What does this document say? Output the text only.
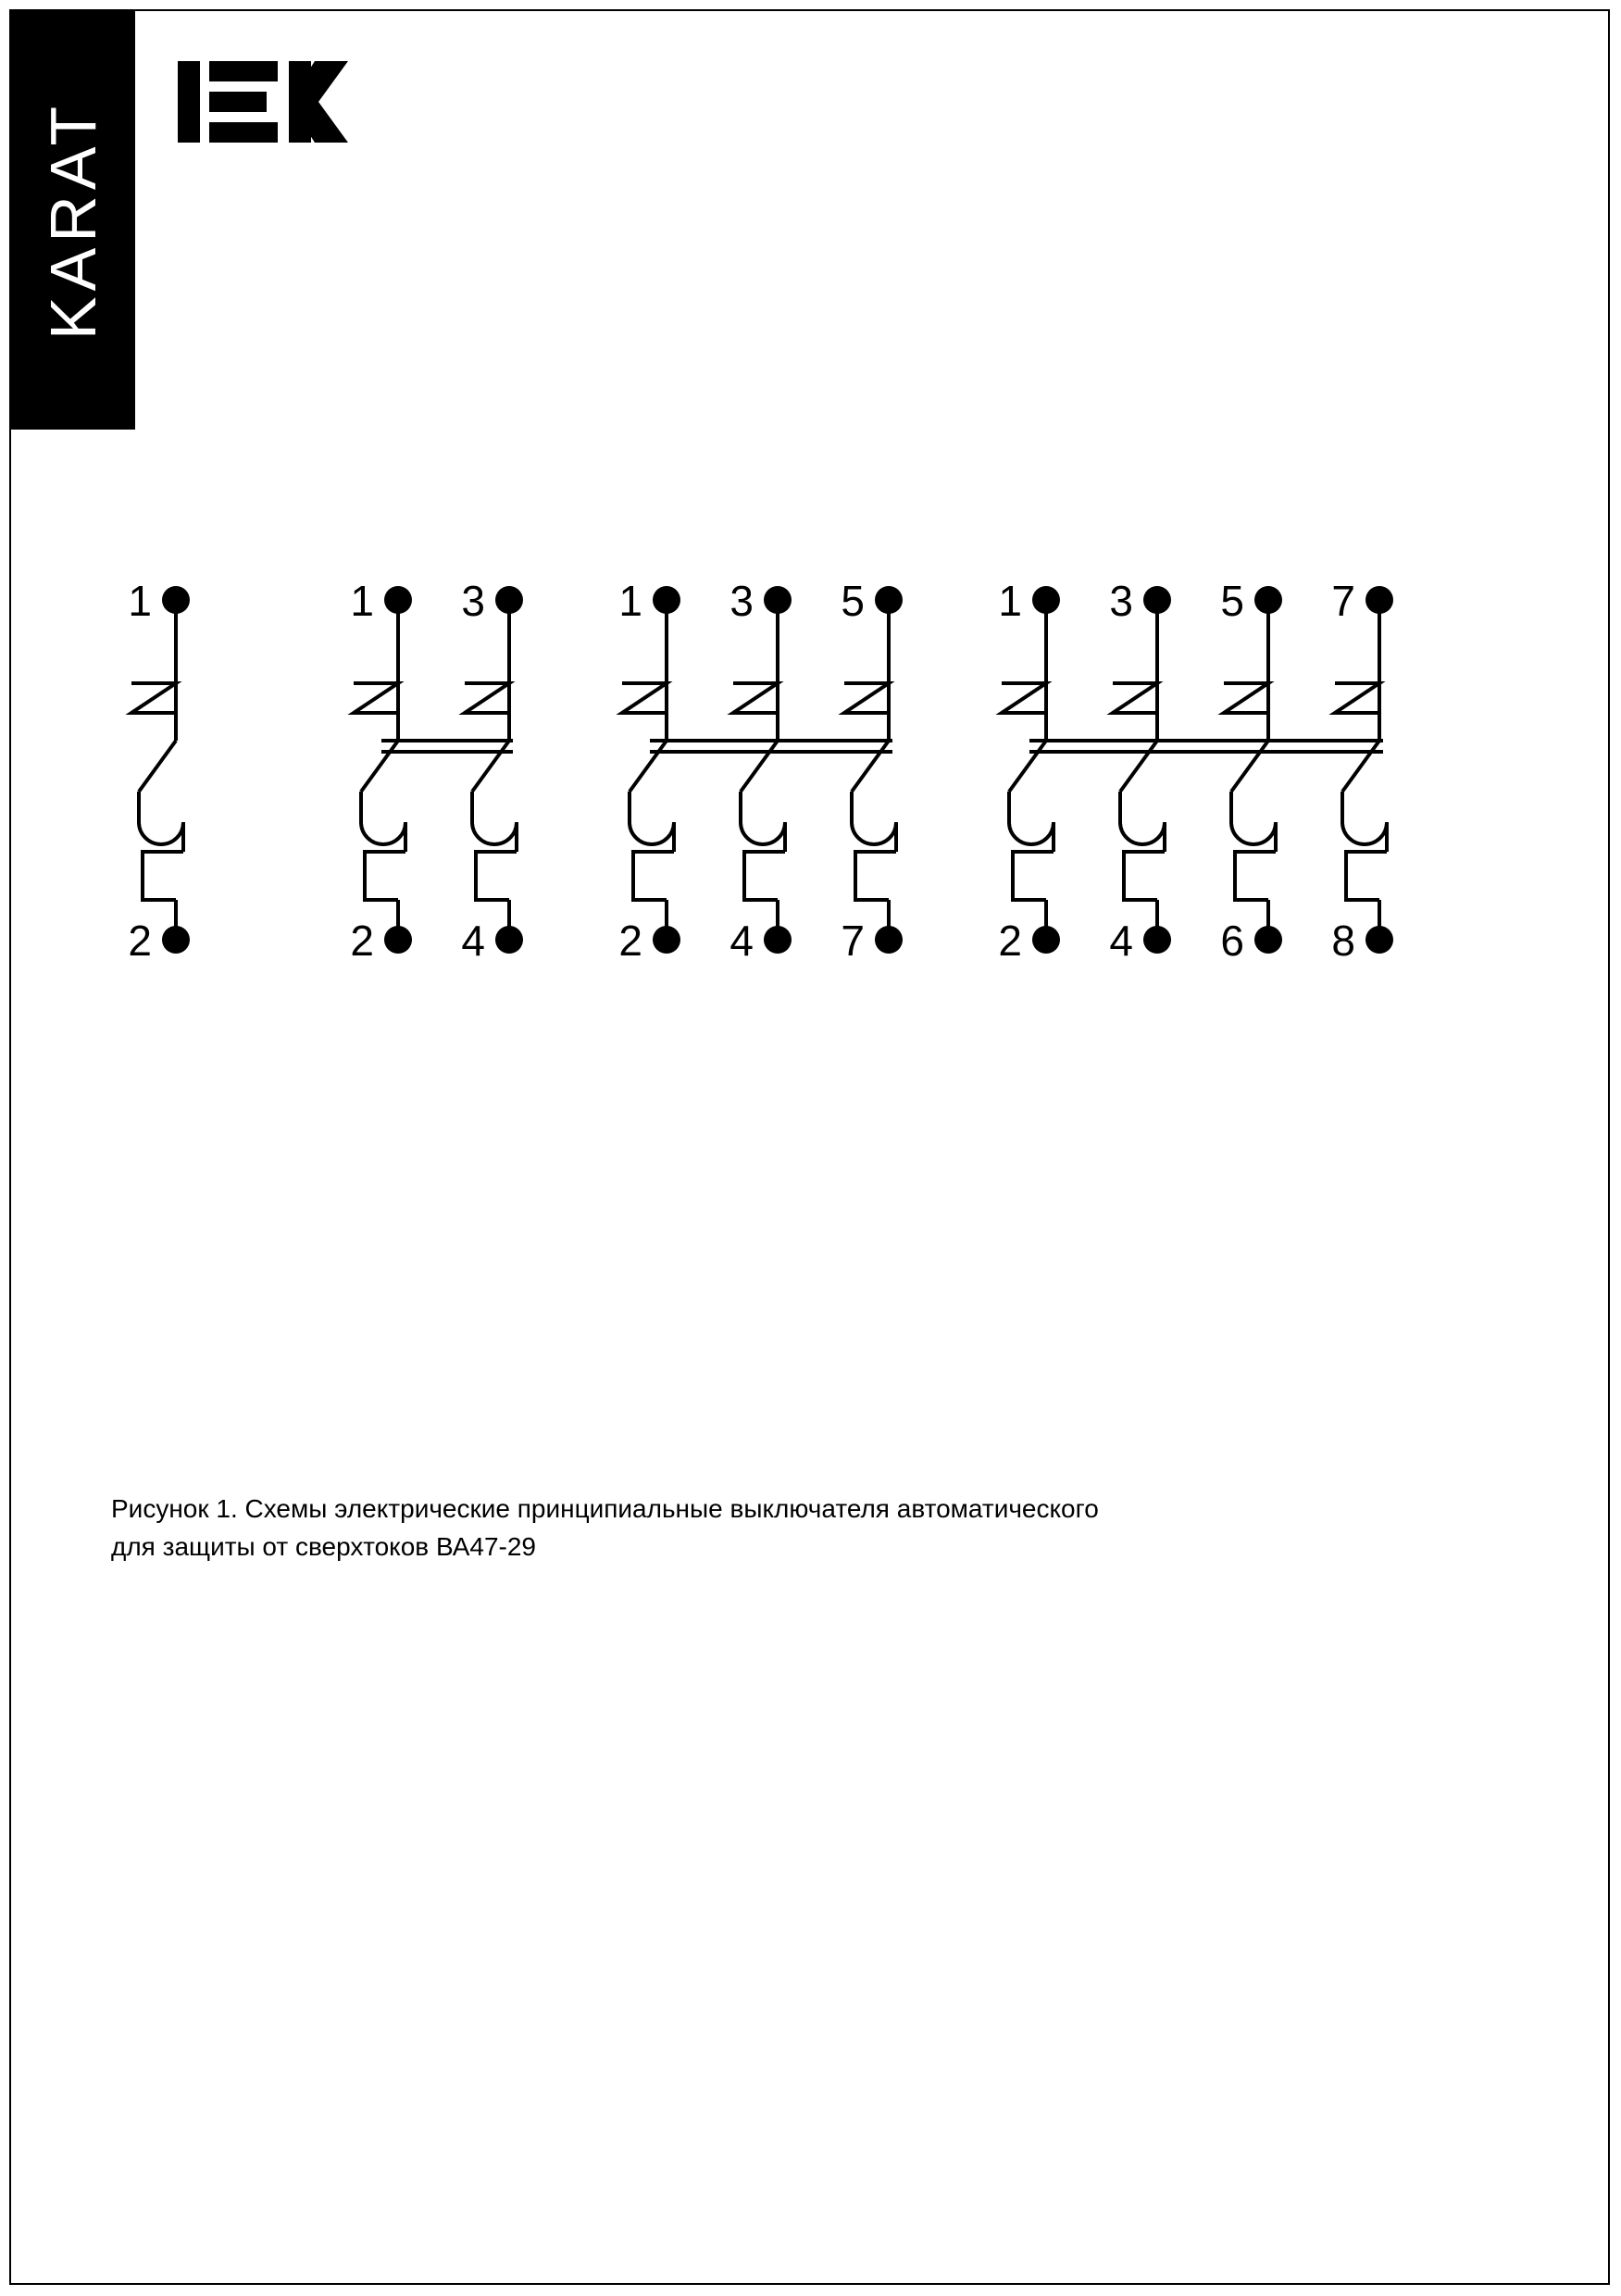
KARAT
1
2
1 3
2 4
1 3 5
2 4 7
1 3 5 7
2 4 6 8
Рисунок 1. Схемы электрические принципиальные выключателя автоматического
для защиты от сверхтоков ВА47-29
